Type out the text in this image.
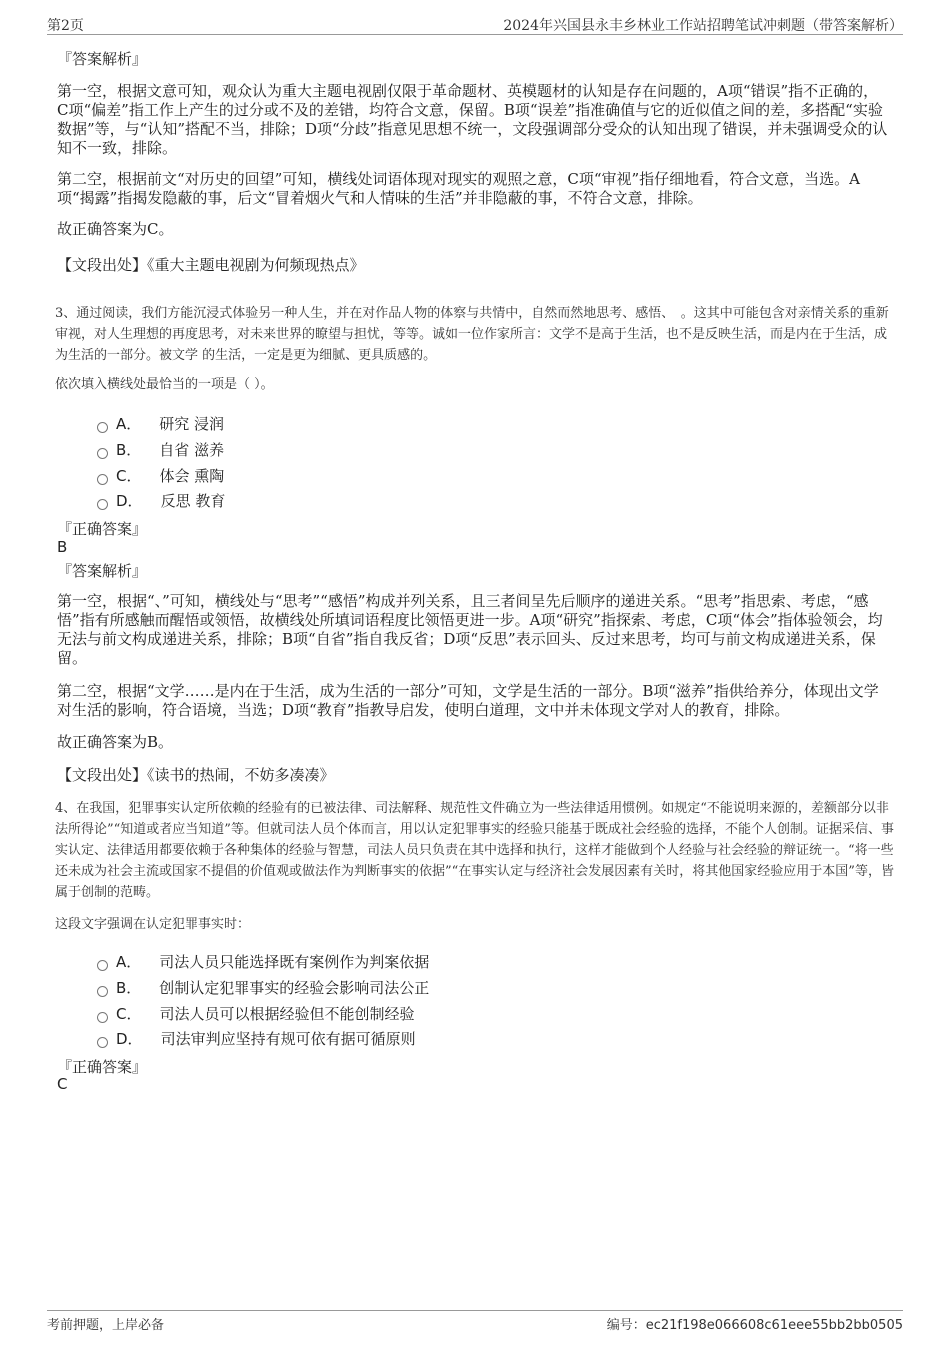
第2页	2024年兴国县永丰乡林业工作站招聘笔试冲刺题（带答案解析）
『答案解析』
第一空，根据文意可知，观众认为重大主题电视剧仅限于革命题材、英模题材的认知是存在问题的，A项“错误”指不正确的，C项“偏差”指工作上产生的过分或不及的差错，均符合文意，保留。B项“误差”指准确值与它的近似值之间的差，多搭配“实验数据”等，与“认知”搭配不当，排除；D项“分歧”指意见思想不统一，文段强调部分受众的认知出现了错误，并未强调受众的认知不一致，排除。
第二空，根据前文“对历史的回望”可知，横线处词语体现对现实的观照之意，C项“审视”指仔细地看，符合文意，当选。A项“揭露”指揭发隐蔽的事，后文“冒着烟火气和人情味的生活”并非隐蔽的事，不符合文意，排除。
故正确答案为C。
【文段出处】《重大主题电视剧为何频现热点》
3、通过阅读，我们方能沉浸式体验另一种人生，并在对作品人物的体察与共情中，自然而然地思考、感悟、　。这其中可能包含对亲情关系的重新审视，对人生理想的再度思考，对未来世界的瞭望与担忧，等等。诚如一位作家所言：文学不是高于生活，也不是反映生活，而是内在于生活，成为生活的一部分。被文学 的生活，一定是更为细腻、更具质感的。
依次填入横线处最恰当的一项是（ ）。
A． 研究 浸润
B． 自省 滋养
C． 体会 熏陶
D． 反思 教育
『正确答案』
B
『答案解析』
第一空，根据“、”可知，横线处与“思考”“感悟”构成并列关系，且三者间呈先后顺序的递进关系。“思考”指思索、考虑，“感悟”指有所感触而醒悟或领悟，故横线处所填词语程度比领悟更进一步。A项“研究”指探索、考虑，C项“体会”指体验领会，均无法与前文构成递进关系，排除；B项“自省”指自我反省；D项“反思”表示回头、反过来思考，均可与前文构成递进关系，保留。
第二空，根据“文学……是内在于生活，成为生活的一部分”可知，文学是生活的一部分。B项“滋养”指供给养分，体现出文学对生活的影响，符合语境，当选；D项“教育”指教导启发，使明白道理，文中并未体现文学对人的教育，排除。
故正确答案为B。
【文段出处】《读书的热闹，不妨多凑凑》
4、在我国，犯罪事实认定所依赖的经验有的已被法律、司法解释、规范性文件确立为一些法律适用惯例。如规定“不能说明来源的，差额部分以非法所得论”“知道或者应当知道”等。但就司法人员个体而言，用以认定犯罪事实的经验只能基于既成社会经验的选择，不能个人创制。证据采信、事实认定、法律适用都要依赖于各种集体的经验与智慧，司法人员只负责在其中选择和执行，这样才能做到个人经验与社会经验的辩证统一。“将一些还未成为社会主流或国家不提倡的价值观或做法作为判断事实的依据”“在事实认定与经济社会发展因素有关时，将其他国家经验应用于本国”等，皆属于创制的范畴。
这段文字强调在认定犯罪事实时：
A． 司法人员只能选择既有案例作为判案依据
B． 创制认定犯罪事实的经验会影响司法公正
C． 司法人员可以根据经验但不能创制经验
D． 司法审判应坚持有规可依有据可循原则
『正确答案』
C
考前押题，上岸必备	编号：ec21f198e066608c61eee55bb2bb0505
